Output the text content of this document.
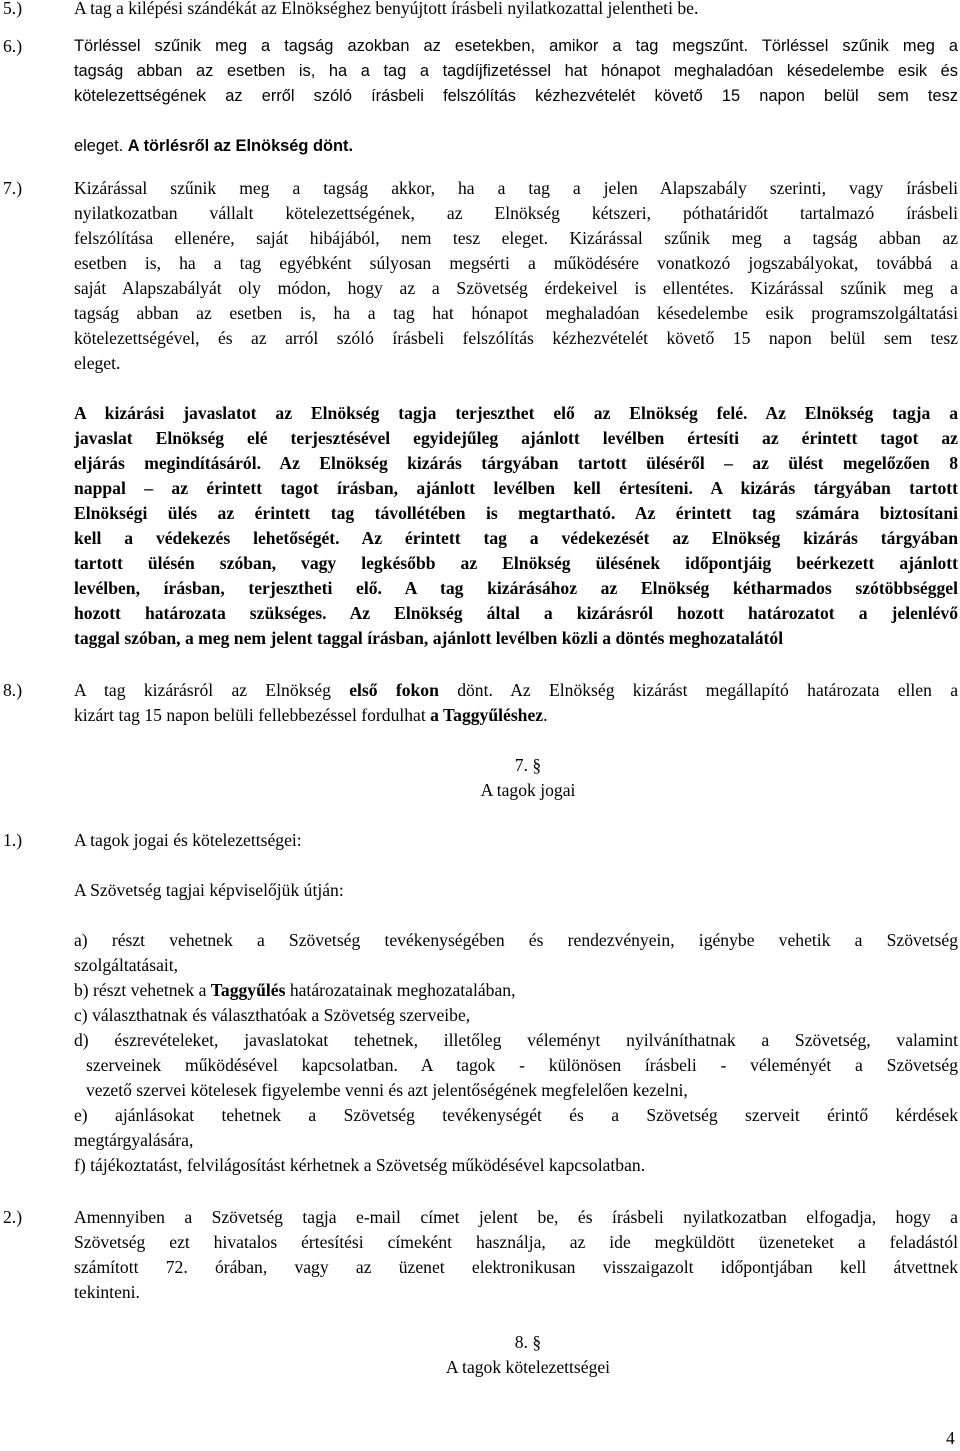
5.)	A tag a kilépési szándékát az Elnökséghez benyújtott írásbeli nyilatkozattal jelentheti be.
6.)	Törléssel szűnik meg a tagság azokban az esetekben, amikor a tag megszűnt. Törléssel szűnik meg a
tagság abban az esetben is, ha a tag a tagdíjfizetéssel hat hónapot meghaladóan késedelembe esik és
kötelezettségének az erről szóló írásbeli felszólítás kézhezvételét követő 15 napon belül sem tesz
eleget. A törlésről az Elnökség dönt.
7.)	Kizárással szűnik meg a tagság akkor, ha a tag a jelen Alapszabály szerinti, vagy írásbeli
nyilatkozatban vállalt kötelezettségének, az Elnökség kétszeri, póthatáridőt tartalmazó írásbeli
felszólítása ellenére, saját hibájából, nem tesz eleget. Kizárással szűnik meg a tagság abban az
esetben is, ha a tag egyébként súlyosan megsérti a működésére vonatkozó jogszabályokat, továbbá a
saját Alapszabályát oly módon, hogy az a Szövetség érdekeivel is ellentétes. Kizárással szűnik meg a
tagság abban az esetben is, ha a tag hat hónapot meghaladóan késedelembe esik programszolgáltatási
kötelezettségével, és az arról szóló írásbeli felszólítás kézhezvételét követő 15 napon belül sem tesz
eleget.
A kizárási javaslatot az Elnökség tagja terjeszthet elő az Elnökség felé. Az Elnökség tagja a
javaslat Elnökség elé terjesztésével egyidejűleg ajánlott levélben értesíti az érintett tagot az
eljárás megindításáról. Az Elnökség kizárás tárgyában tartott üléséről – az ülést megelőzően 8
nappal – az érintett tagot írásban, ajánlott levélben kell értesíteni. A kizárás tárgyában tartott
Elnökségi ülés az érintett tag távollétében is megtartható. Az érintett tag számára biztosítani
kell a védekezés lehetőségét. Az érintett tag a védekezését az Elnökség kizárás tárgyában
tartott ülésén szóban, vagy legkésőbb az Elnökség ülésének időpontjáig beérkezett ajánlott
levélben, írásban, terjesztheti elő. A tag kizárásához az Elnökség kétharmados szótöbbséggel
hozott határozata szükséges. Az Elnökség által a kizárásról hozott határozatot a jelenlévő
taggal szóban, a meg nem jelent taggal írásban, ajánlott levélben közli a döntés meghozatalától
8.)	A tag kizárásról az Elnökség első fokon dönt. Az Elnökség kizárást megállapító határozata ellen a
kizárt tag 15 napon belüli fellebbezéssel fordulhat a Taggyűléshez.
7. §
A tagok jogai
1.)	A tagok jogai és kötelezettségei:
A Szövetség tagjai képviselőjük útján:
a) részt vehetnek a Szövetség tevékenységében és rendezvényein, igénybe vehetik a Szövetség
szolgáltatásait,
b) részt vehetnek a Taggyűlés határozatainak meghozatalában,
c) választhatnak és választhatóak a Szövetség szerveibe,
d) észrevételeket, javaslatokat tehetnek, illetőleg véleményt nyilváníthatnak a Szövetség, valamint
szerveinek működésével kapcsolatban. A tagok - különösen írásbeli - véleményét a Szövetség
vezető szervei kötelesek figyelembe venni és azt jelentőségének megfelelően kezelni,
e) ajánlásokat tehetnek a Szövetség tevékenységét és a Szövetség szerveit érintő kérdések
megtárgyalására,
f) tájékoztatást, felvilágosítást kérhetnek a Szövetség működésével kapcsolatban.
2.)	Amennyiben a Szövetség tagja e-mail címet jelent be, és írásbeli nyilatkozatban elfogadja, hogy a
Szövetség ezt hivatalos értesítési címeként használja, az ide megküldött üzeneteket a feladástól
számított 72. órában, vagy az üzenet elektronikusan visszaigazolt időpontjában kell átvettnek
tekinteni.
8. §
A tagok kötelezettségei
4
